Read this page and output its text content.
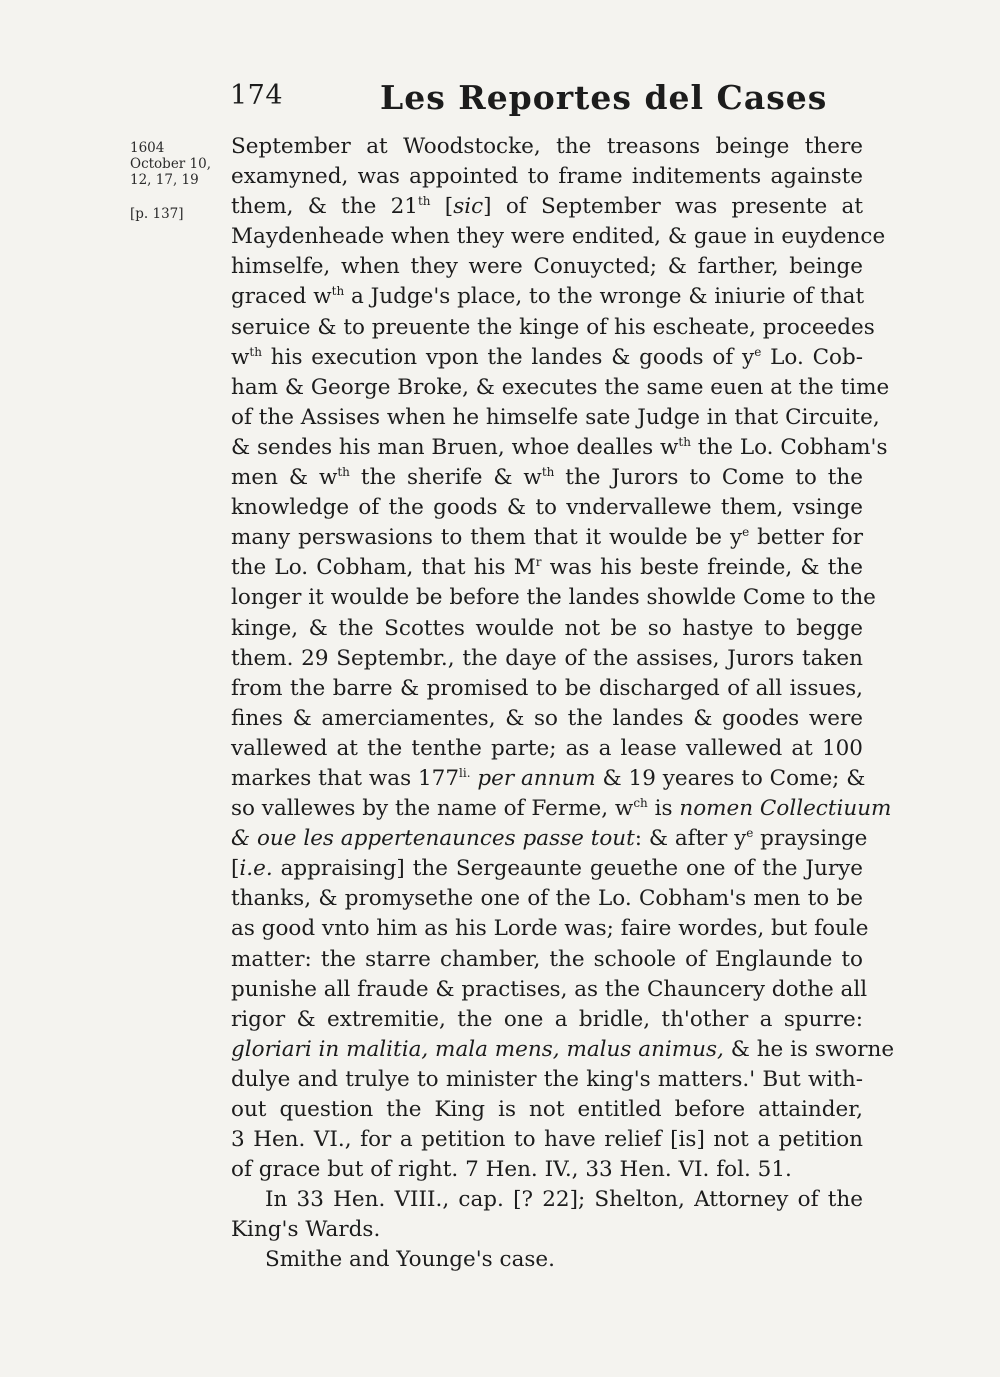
174	Les Reportes del Cases
1604
October 10,
12, 17, 19
[p. 137]
September at Woodstocke, the treasons beinge there
examyned, was appointed to frame inditements againste
them, & the 21th [sic] of September was presente at
Maydenheade when they were endited, & gaue in euydence
himselfe, when they were Conuycted; & farther, beinge
graced $w^{th}$ a Judge's place, to the wronge & iniurie of that
seruice & to preuente the kinge of his escheate, proceedes
$w^{th}$ his execution vpon the landes & goods of $y^e$ Lo. Cob-
ham & George Broke, & executes the same euen at the time
of the Assises when he himselfe sate Judge in that Circuite,
& sendes his man Bruen, whoe dealles $w^{th}$ the Lo. Cobham's
men & $w^{th}$ the sherife & $w^{th}$ the Jurors to Come to the
knowledge of the goods & to vndervallewe them, vsinge
many perswasions to them that it woulde be $y^e$ better for
the Lo. Cobham, that his $M^r$ was his beste freinde, & the
longer it woulde be before the landes showlde Come to the
kinge, & the Scottes woulde not be so hastye to begge
them. 29 Septembr., the daye of the assises, Jurors taken
from the barre & promised to be discharged of all issues,
fines & amerciamentes, & so the landes & goodes were
vallewed at the tenthe parte; as a lease vallewed at 100
markes that was $177^{li.}$ per annum & 19 yeares to Come; &
so vallewes by the name of Ferme, $w^{ch}$ is nomen Collectiuum
& oue les appertenaunces passe tout: & after $y^e$ praysinge
[i.e. appraising] the Sergeaunte geuethe one of the Jurye
thanks, & promysethe one of the Lo. Cobham's men to be
as good vnto him as his Lorde was; faire wordes, but foule
matter: the starre chamber, the schoole of Englaunde to
punishe all fraude & practises, as the Chauncery dothe all
rigor & extremitie, the one a bridle, th'other a spurre:
gloriari in malitia, mala mens, malus animus, & he is sworne
dulye and trulye to minister the king's matters.' But with-
out question the King is not entitled before attainder,
3 Hen. VI., for a petition to have relief [is] not a petition
of grace but of right. 7 Hen. IV., 33 Hen. VI. fol. 51.
In 33 Hen. VIII., cap. [? 22]; Shelton, Attorney of the
King's Wards.
Smithe and Younge's case.
